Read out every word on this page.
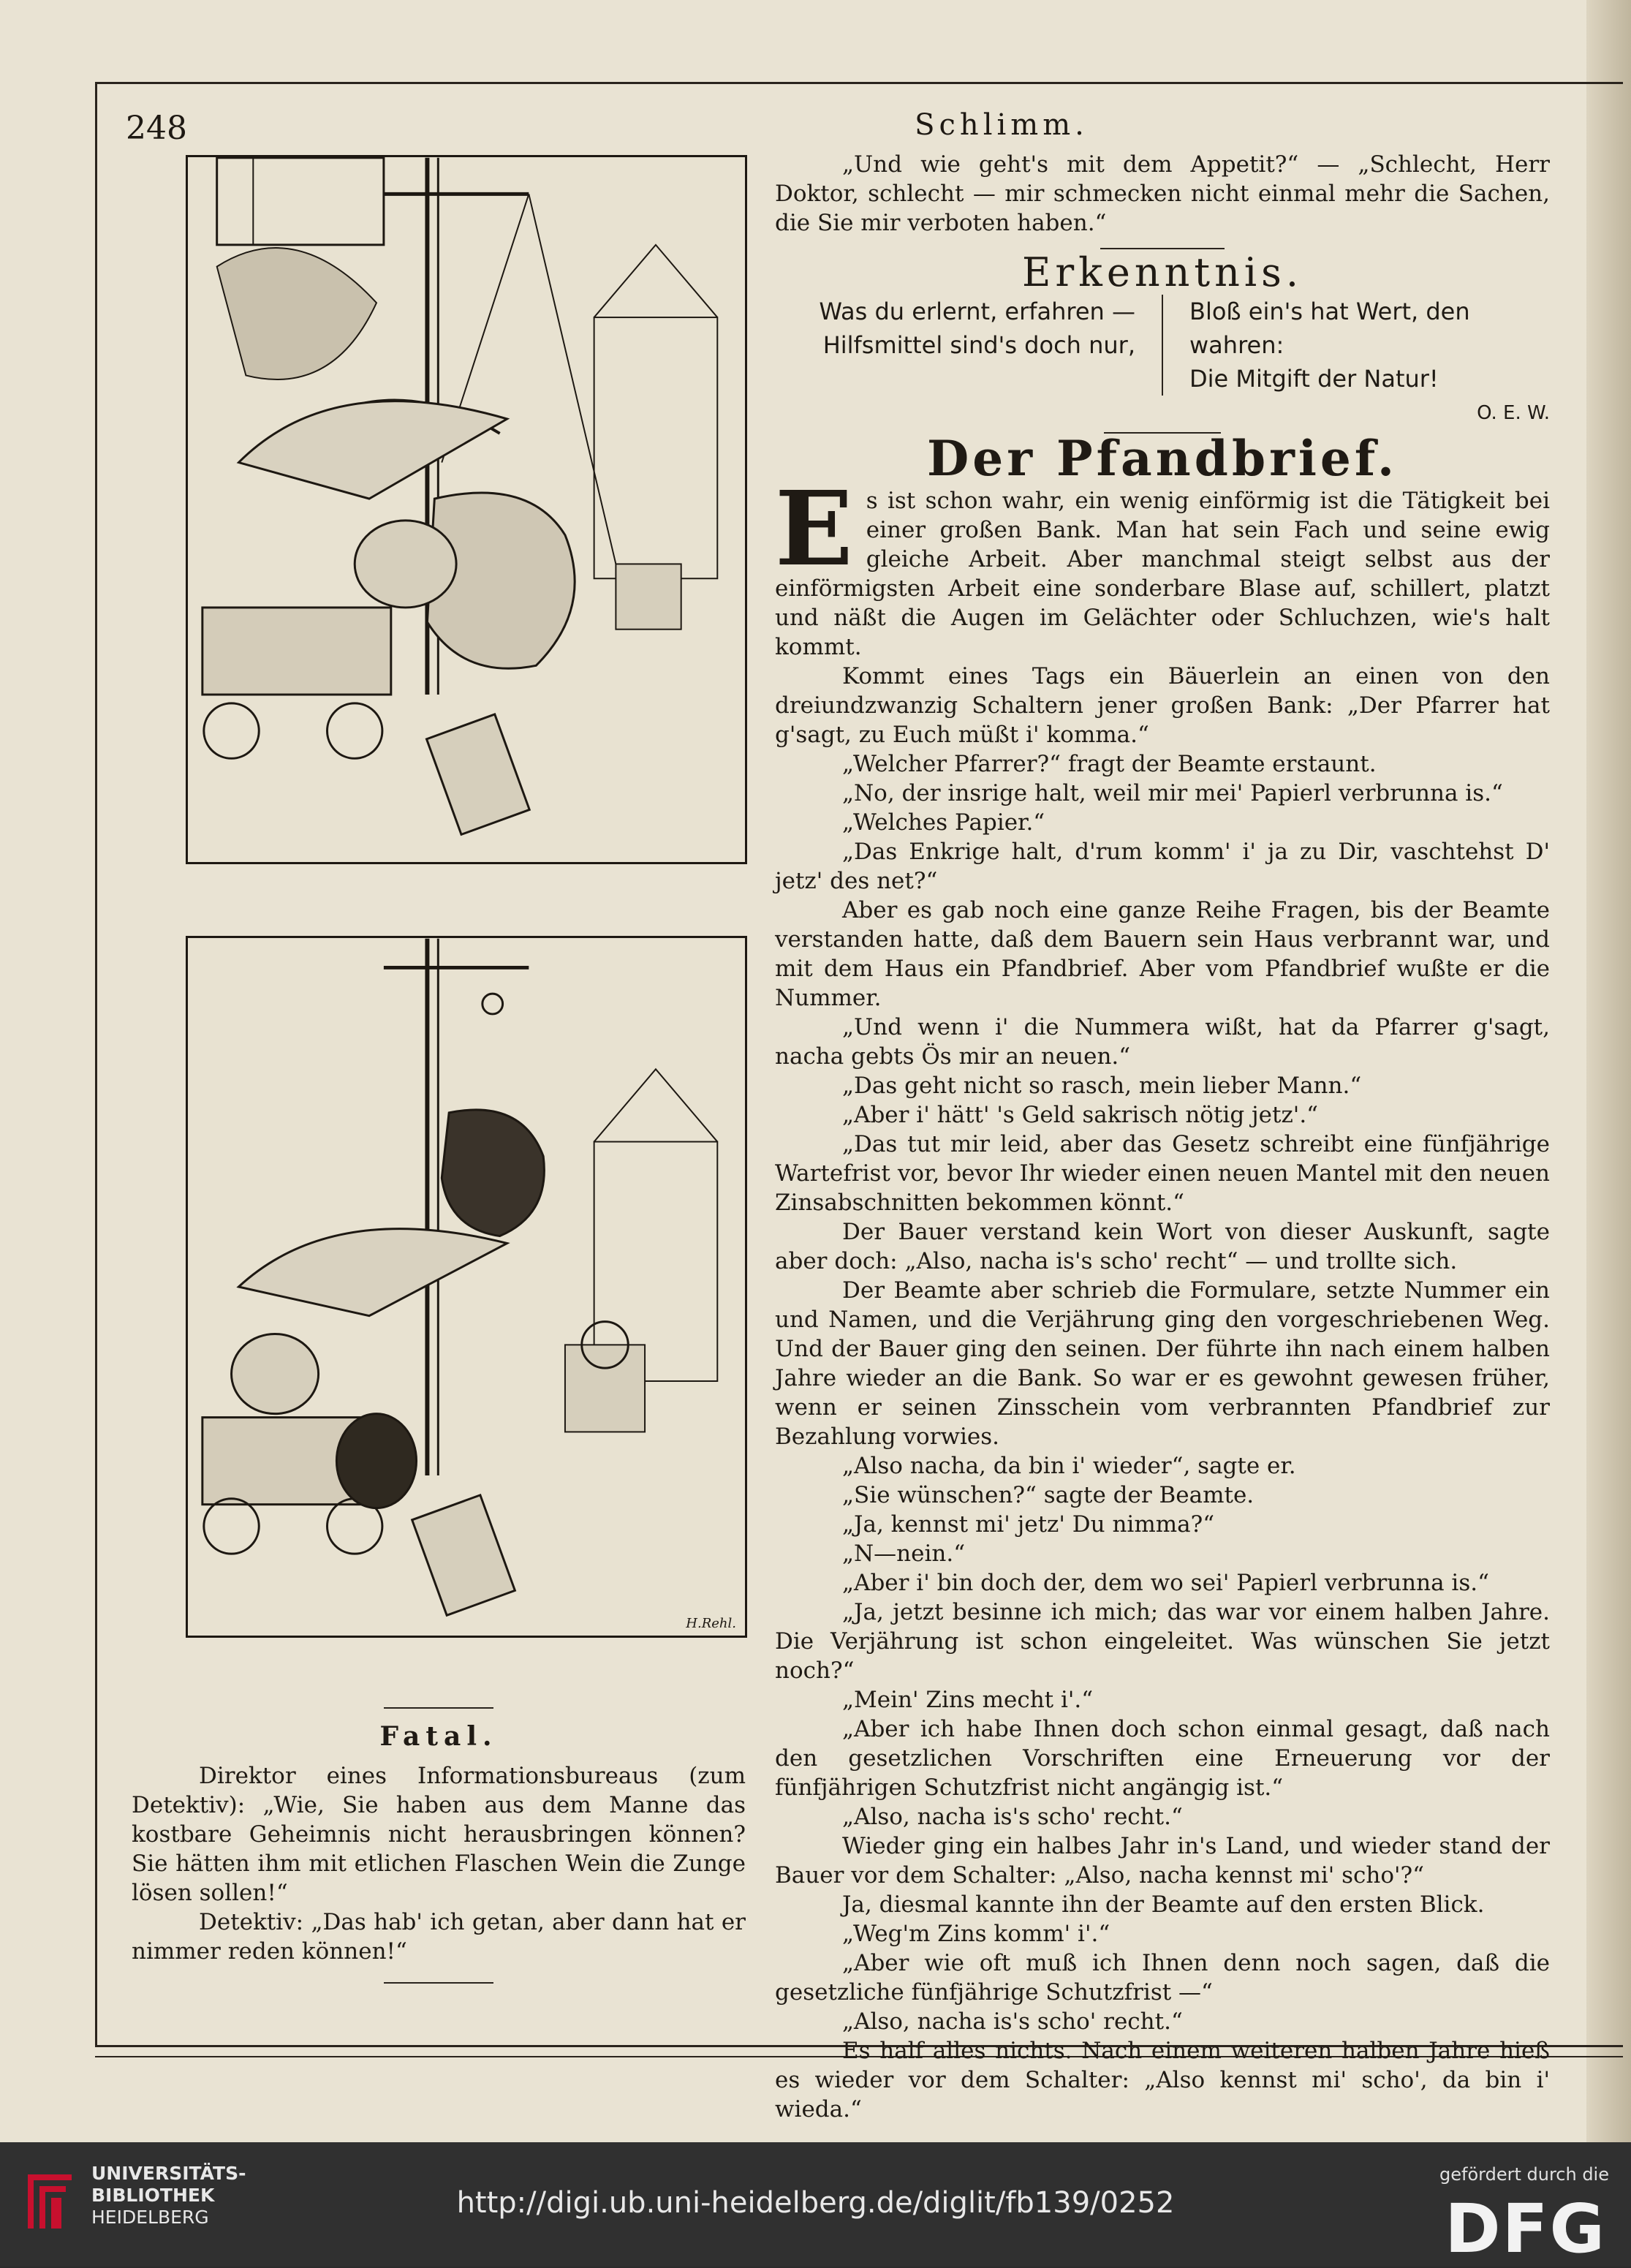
248	Schlimm.
H.Rehl.

„Und wie geht's mit dem Appetit?“ — „Schlecht, Herr Doktor, schlecht — mir schmecken nicht einmal mehr die Sachen, die Sie mir verboten haben.“

Erkenntnis.
Was du erlernt, erfahren —
Hilfsmittel sind's doch nur,
Bloß ein's hat Wert, den wahren:
Die Mitgift der Natur!
O. E. W.
Der Pfandbrief.

Es ist schon wahr, ein wenig einförmig ist die Tätigkeit bei einer großen Bank. Man hat sein Fach und seine ewig gleiche Arbeit. Aber manchmal steigt selbst aus der einförmigsten Arbeit eine sonderbare Blase auf, schillert, platzt und näßt die Augen im Gelächter oder Schluchzen, wie's halt kommt.

Kommt eines Tags ein Bäuerlein an einen von den dreiundzwanzig Schaltern jener großen Bank: „Der Pfarrer hat g'sagt, zu Euch müßt i' komma.“

„Welcher Pfarrer?“ fragt der Beamte erstaunt.

„No, der insrige halt, weil mir mei' Papierl verbrunna is.“

„Welches Papier.“

„Das Enkrige halt, d'rum komm' i' ja zu Dir, vaschtehst D' jetz' des net?“

Aber es gab noch eine ganze Reihe Fragen, bis der Beamte verstanden hatte, daß dem Bauern sein Haus verbrannt war, und mit dem Haus ein Pfandbrief. Aber vom Pfandbrief wußte er die Nummer.

„Und wenn i' die Nummera wißt, hat da Pfarrer g'sagt, nacha gebts Ös mir an neuen.“

„Das geht nicht so rasch, mein lieber Mann.“

„Aber i' hätt' 's Geld sakrisch nötig jetz'.“

„Das tut mir leid, aber das Gesetz schreibt eine fünfjährige Wartefrist vor, bevor Ihr wieder einen neuen Mantel mit den neuen Zinsabschnitten bekommen könnt.“

Der Bauer verstand kein Wort von dieser Auskunft, sagte aber doch: „Also, nacha is's scho' recht“ — und trollte sich.

Der Beamte aber schrieb die Formulare, setzte Nummer ein und Namen, und die Verjährung ging den vorgeschriebenen Weg. Und der Bauer ging den seinen. Der führte ihn nach einem halben Jahre wieder an die Bank. So war er es gewohnt gewesen früher, wenn er seinen Zinsschein vom verbrannten Pfandbrief zur Bezahlung vorwies.

„Also nacha, da bin i' wieder“, sagte er.

„Sie wünschen?“ sagte der Beamte.

„Ja, kennst mi' jetz' Du nimma?“

„N—nein.“

„Aber i' bin doch der, dem wo sei' Papierl verbrunna is.“

„Ja, jetzt besinne ich mich; das war vor einem halben Jahre. Die Verjährung ist schon eingeleitet. Was wünschen Sie jetzt noch?“

„Mein' Zins mecht i'.“

„Aber ich habe Ihnen doch schon einmal gesagt, daß nach den gesetzlichen Vorschriften eine Erneuerung vor der fünfjährigen Schutzfrist nicht angängig ist.“

„Also, nacha is's scho' recht.“

Wieder ging ein halbes Jahr in's Land, und wieder stand der Bauer vor dem Schalter: „Also, nacha kennst mi' scho'?“

Ja, diesmal kannte ihn der Beamte auf den ersten Blick.

„Weg'm Zins komm' i'.“

„Aber wie oft muß ich Ihnen denn noch sagen, daß die gesetzliche fünfjährige Schutzfrist —“

„Also, nacha is's scho' recht.“

Es half alles nichts. Nach einem weiteren halben Jahre hieß es wieder vor dem Schalter: „Also kennst mi' scho', da bin i' wieda.“

Fatal.

Direktor eines Informationsbureaus (zum Detektiv): „Wie, Sie haben aus dem Manne das kostbare Geheimnis nicht herausbringen können? Sie hätten ihm mit etlichen Flaschen Wein die Zunge lösen sollen!“

Detektiv: „Das hab' ich getan, aber dann hat er nimmer reden können!“

UNIVERSITÄTS-
BIBLIOTHEK
HEIDELBERG	http://digi.ub.uni-heidelberg.de/diglit/fb139/0252
gefördert durch die
DFG
